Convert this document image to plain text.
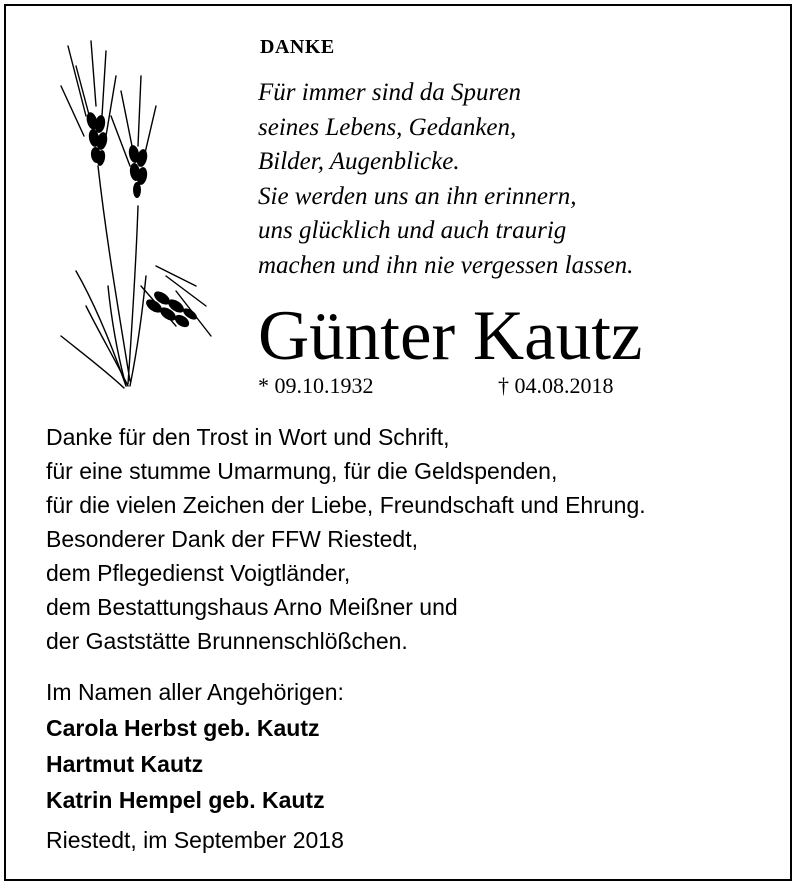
DANKE
Für immer sind da Spuren
seines Lebens, Gedanken,
Bilder, Augenblicke.
Sie werden uns an ihn erinnern,
uns glücklich und auch traurig
machen und ihn nie vergessen lassen.
Günter Kautz
* 09.10.1932	† 04.08.2018
Danke für den Trost in Wort und Schrift,
für eine stumme Umarmung, für die Geldspenden,
für die vielen Zeichen der Liebe, Freundschaft und Ehrung.
Besonderer Dank der FFW Riestedt,
dem Pflegedienst Voigtländer,
dem Bestattungshaus Arno Meißner und
der Gaststätte Brunnenschlößchen.
Im Namen aller Angehörigen:
Carola Herbst geb. Kautz
Hartmut Kautz
Katrin Hempel geb. Kautz
Riestedt, im September 2018
